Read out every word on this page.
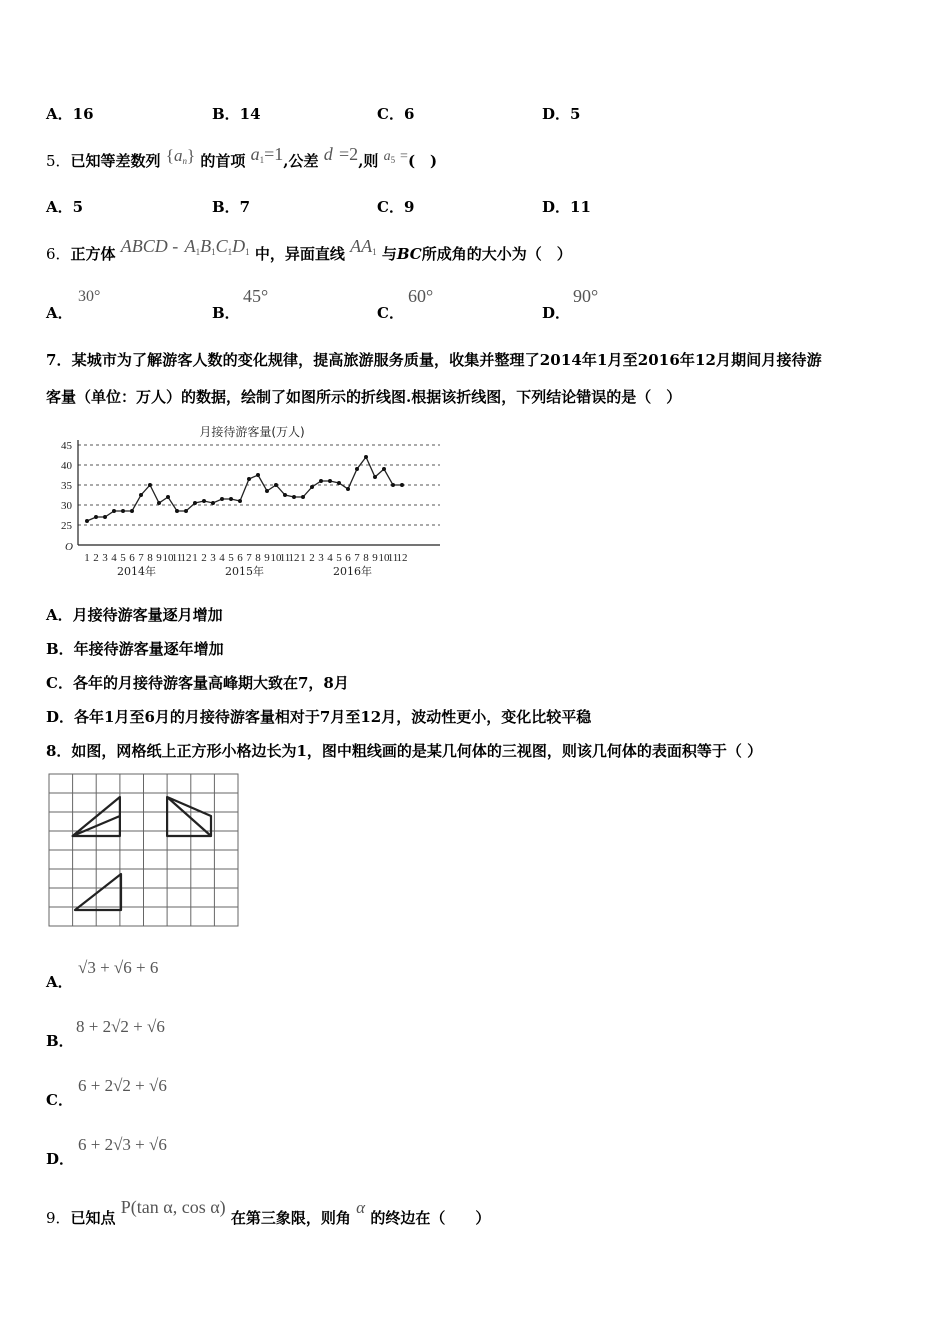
A．16	B．14	C．6	D．5
5．已知等差数列 $\{a_n\}$ 的首项 $a_1=1$,公差 d =2,则 $a_5$ =(　)
A．5	B．7	C．9	D．11
6．正方体 ABCD - $A_1B_1C_1D_1$ 中，异面直线 $AA_1$ 与BC所成角的大小为（　）
A．
30°
B．
45°
C．
60°
D．
90°
7．某城市为了解游客人数的变化规律，提高旅游服务质量，收集并整理了2014年1月至2016年12月期间月接待游
客量（单位：万人）的数据，绘制了如图所示的折线图.根据该折线图，下列结论错误的是（　）
月接待游客量(万人)
25
30
35
40
45
O
1 2 3 4 5 6 7 8 9 10
11
12 1 2 3 4 5 6 7 8 9 10
11
12 1 2 3 4 5 6 7 8 9 10
11
12
2014年	2015年	2016年
A．月接待游客量逐月增加
B．年接待游客量逐年增加
C．各年的月接待游客量高峰期大致在7，8月
D．各年1月至6月的月接待游客量相对于7月至12月，波动性更小，变化比较平稳
8．如图，网格纸上正方形小格边长为1，图中粗线画的是某几何体的三视图，则该几何体的表面积等于（ ）
A．
√3 + √6 + 6
B．
8 + 2√2 + √6
C．
6 + 2√2 + √6
D．
6 + 2√3 + √6
9．已知点 P(tan α, cos α) 在第三象限，则角 α 的终边在（　　）
